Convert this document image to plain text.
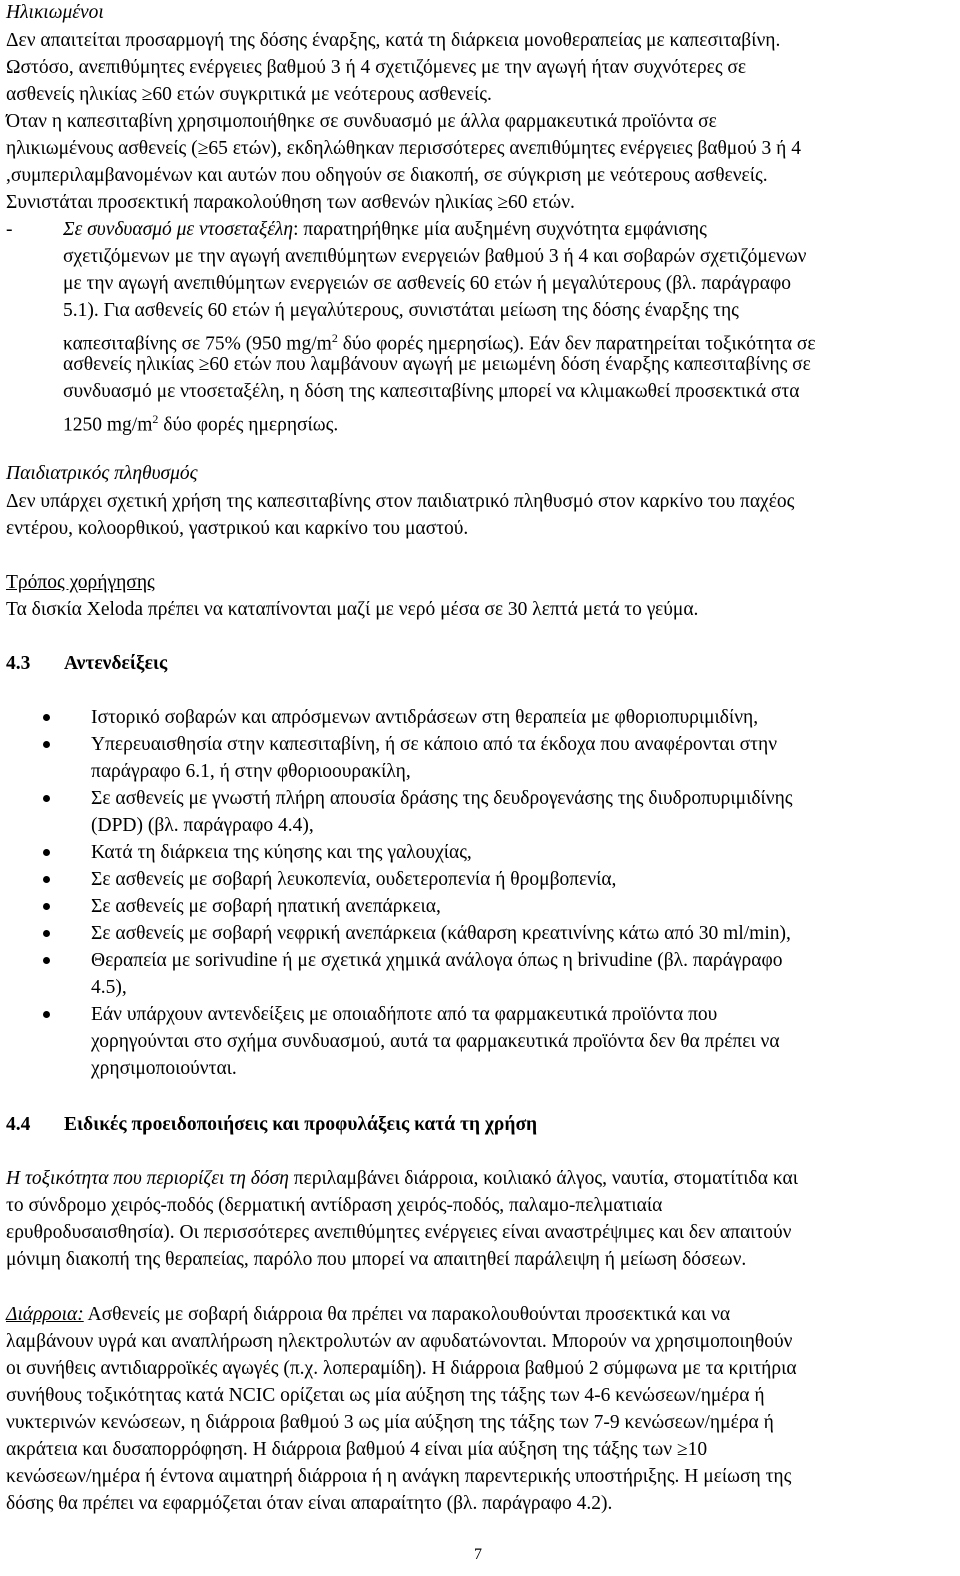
Ηλικιωμένοι
Δεν απαιτείται προσαρμογή της δόσης έναρξης, κατά τη διάρκεια μονοθεραπείας με καπεσιταβίνη.
Ωστόσο, ανεπιθύμητες ενέργειες βαθμού 3 ή 4 σχετιζόμενες με την αγωγή ήταν συχνότερες σε
ασθενείς ηλικίας ≥60 ετών συγκριτικά με νεότερους ασθενείς.
Όταν η καπεσιταβίνη χρησιμοποιήθηκε σε συνδυασμό με άλλα φαρμακευτικά προϊόντα σε
ηλικιωμένους ασθενείς (≥65 ετών), εκδηλώθηκαν περισσότερες ανεπιθύμητες ενέργειες βαθμού 3 ή 4
,συμπεριλαμβανομένων και αυτών που οδηγούν σε διακοπή, σε σύγκριση με νεότερους ασθενείς.
Συνιστάται προσεκτική παρακολούθηση των ασθενών ηλικίας ≥60 ετών.
-	Σε συνδυασμό με ντοσεταξέλη: παρατηρήθηκε μία αυξημένη συχνότητα εμφάνισης
σχετιζόμενων με την αγωγή ανεπιθύμητων ενεργειών βαθμού 3 ή 4 και σοβαρών σχετιζόμενων
με την αγωγή ανεπιθύμητων ενεργειών σε ασθενείς 60 ετών ή μεγαλύτερους (βλ. παράγραφο
5.1). Για ασθενείς 60 ετών ή μεγαλύτερους, συνιστάται μείωση της δόσης έναρξης της
καπεσιταβίνης σε 75% (950 $mg/m^2$ δύο φορές ημερησίως). Εάν δεν παρατηρείται τοξικότητα σε
ασθενείς ηλικίας ≥60 ετών που λαμβάνουν αγωγή με μειωμένη δόση έναρξης καπεσιταβίνης σε
συνδυασμό με ντοσεταξέλη, η δόση της καπεσιταβίνης μπορεί να κλιμακωθεί προσεκτικά στα
1250 $mg/m^2$ δύο φορές ημερησίως.
Παιδιατρικός πληθυσμός
Δεν υπάρχει σχετική χρήση της καπεσιταβίνης στον παιδιατρικό πληθυσμό στον καρκίνο του παχέος
εντέρου, κολοορθικού, γαστρικού και καρκίνο του μαστού.
Τρόπος χορήγησης
Τα δισκία Xeloda πρέπει να καταπίνονται μαζί με νερό μέσα σε 30 λεπτά μετά το γεύμα.
4.3 Αντενδείξεις
Ιστορικό σοβαρών και απρόσμενων αντιδράσεων στη θεραπεία με φθοριοπυριμιδίνη,
Υπερευαισθησία στην καπεσιταβίνη, ή σε κάποιο από τα έκδοχα που αναφέρονται στην
παράγραφο 6.1, ή στην φθοριοουρακίλη,
Σε ασθενείς με γνωστή πλήρη απουσία δράσης της δευδρογενάσης της διυδροπυριμιδίνης
(DPD) (βλ. παράγραφο 4.4),
Κατά τη διάρκεια της κύησης και της γαλουχίας,
Σε ασθενείς με σοβαρή λευκοπενία, ουδετεροπενία ή θρομβοπενία,
Σε ασθενείς με σοβαρή ηπατική ανεπάρκεια,
Σε ασθενείς με σοβαρή νεφρική ανεπάρκεια (κάθαρση κρεατινίνης κάτω από 30 ml/min),
Θεραπεία με sorivudine ή με σχετικά χημικά ανάλογα όπως η brivudine (βλ. παράγραφο
4.5),
Εάν υπάρχουν αντενδείξεις με οποιαδήποτε από τα φαρμακευτικά προϊόντα που
χορηγούνται στο σχήμα συνδυασμού, αυτά τα φαρμακευτικά προϊόντα δεν θα πρέπει να
χρησιμοποιούνται.
4.4 Ειδικές προειδοποιήσεις και προφυλάξεις κατά τη χρήση
Η τοξικότητα που περιορίζει τη δόση περιλαμβάνει διάρροια, κοιλιακό άλγος, ναυτία, στοματίτιδα και
το σύνδρομο χειρός-ποδός (δερματική αντίδραση χειρός-ποδός, παλαμο-πελματιαία
ερυθροδυσαισθησία). Οι περισσότερες ανεπιθύμητες ενέργειες είναι αναστρέψιμες και δεν απαιτούν
μόνιμη διακοπή της θεραπείας, παρόλο που μπορεί να απαιτηθεί παράλειψη ή μείωση δόσεων.
Διάρροια: Ασθενείς με σοβαρή διάρροια θα πρέπει να παρακολουθούνται προσεκτικά και να
λαμβάνουν υγρά και αναπλήρωση ηλεκτρολυτών αν αφυδατώνονται. Μπορούν να χρησιμοποιηθούν
οι συνήθεις αντιδιαρροϊκές αγωγές (π.χ. λοπεραμίδη). Η διάρροια βαθμού 2 σύμφωνα με τα κριτήρια
συνήθους τοξικότητας κατά NCIC ορίζεται ως μία αύξηση της τάξης των 4-6 κενώσεων/ημέρα ή
νυκτερινών κενώσεων, η διάρροια βαθμού 3 ως μία αύξηση της τάξης των 7-9 κενώσεων/ημέρα ή
ακράτεια και δυσαπορρόφηση. Η διάρροια βαθμού 4 είναι μία αύξηση της τάξης των ≥10
κενώσεων/ημέρα ή έντονα αιματηρή διάρροια ή η ανάγκη παρεντερικής υποστήριξης. Η μείωση της
δόσης θα πρέπει να εφαρμόζεται όταν είναι απαραίτητο (βλ. παράγραφο 4.2).
7
